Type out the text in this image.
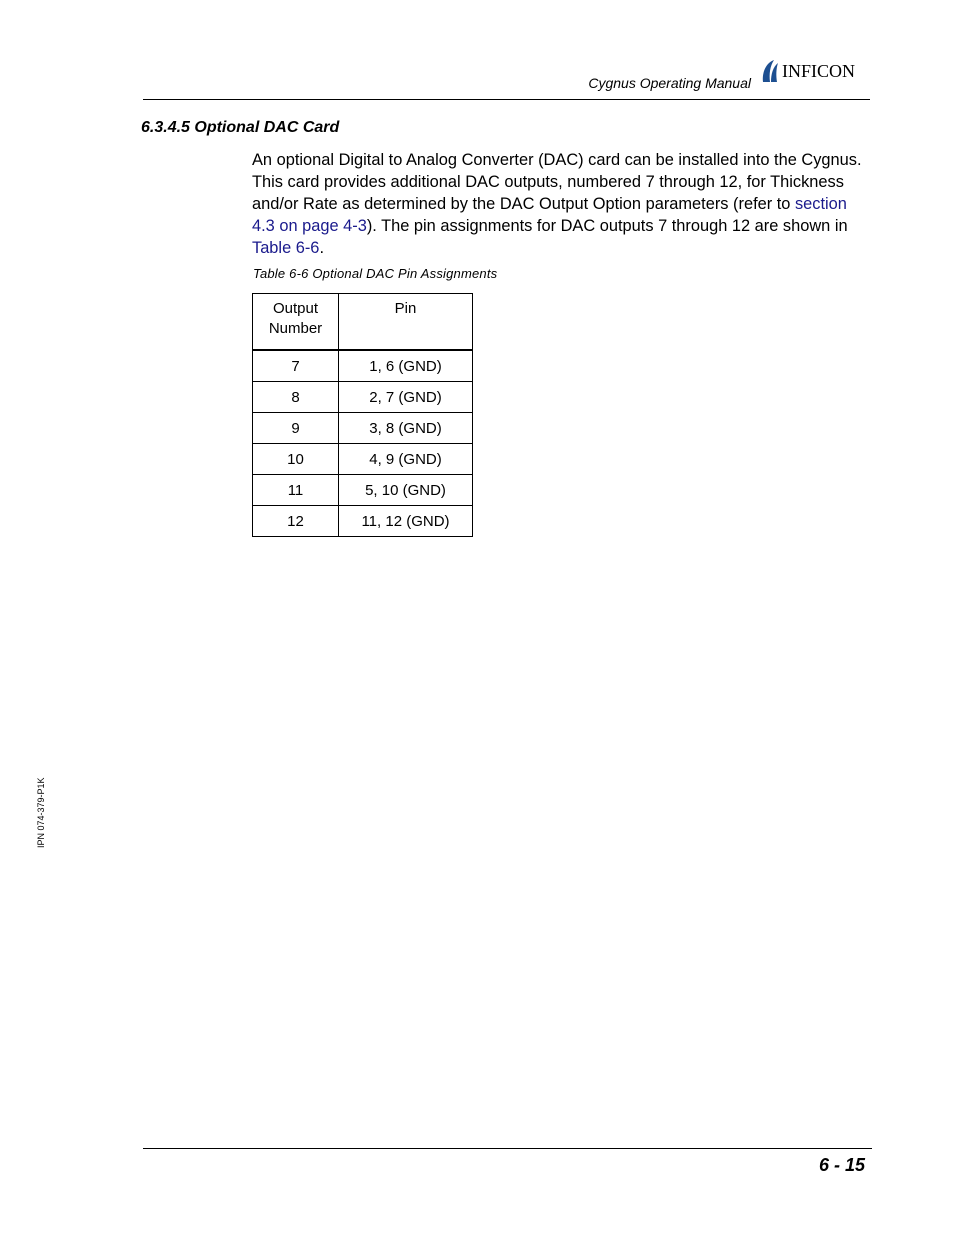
Cygnus Operating Manual
INFICON
6.3.4.5 Optional DAC Card
An optional Digital to Analog Converter (DAC) card can be installed into the Cygnus. This card provides additional DAC outputs, numbered 7 through 12, for Thickness and/or Rate as determined by the DAC Output Option parameters (refer to section 4.3 on page 4-3). The pin assignments for DAC outputs 7 through 12 are shown in Table 6-6.
Table 6-6 Optional DAC Pin Assignments
Output
Number	Pin
7	1, 6 (GND)
8	2, 7 (GND)
9	3, 8 (GND)
10	4, 9 (GND)
11	5, 10 (GND)
12	11, 12 (GND)
IPN 074-379-P1K
6 - 15
